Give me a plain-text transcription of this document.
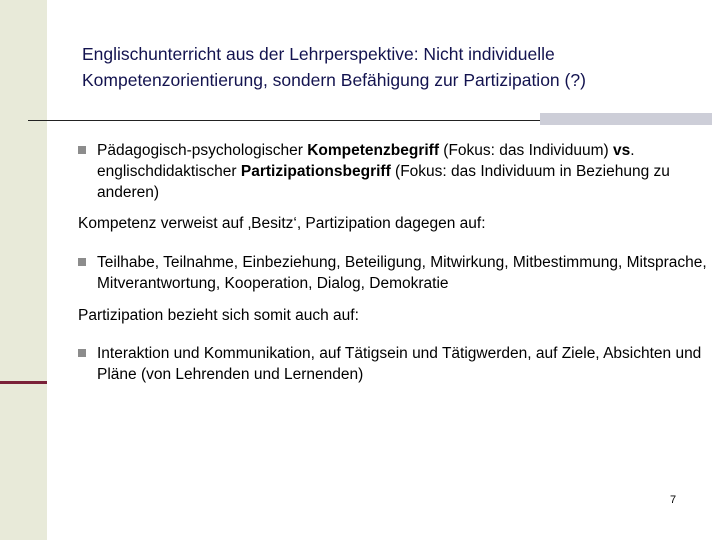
Englischunterricht aus der Lehrperspektive: Nicht individuelle Kompetenzorientierung, sondern Befähigung zur Partizipation (?)
Pädagogisch-psychologischer Kompetenzbegriff (Fokus: das Individuum) vs. englischdidaktischer Partizipationsbegriff (Fokus: das Individuum in Beziehung zu anderen)

Kompetenz verweist auf ‚Besitz‘, Partizipation dagegen auf:

Teilhabe, Teilnahme, Einbeziehung, Beteiligung, Mitwirkung, Mitbestimmung, Mitsprache, Mitverantwortung, Kooperation, Dialog, Demokratie

Partizipation bezieht sich somit auch auf:

Interaktion und Kommunikation, auf Tätigsein und Tätigwerden, auf Ziele, Absichten und Pläne (von Lehrenden und Lernenden)
7
